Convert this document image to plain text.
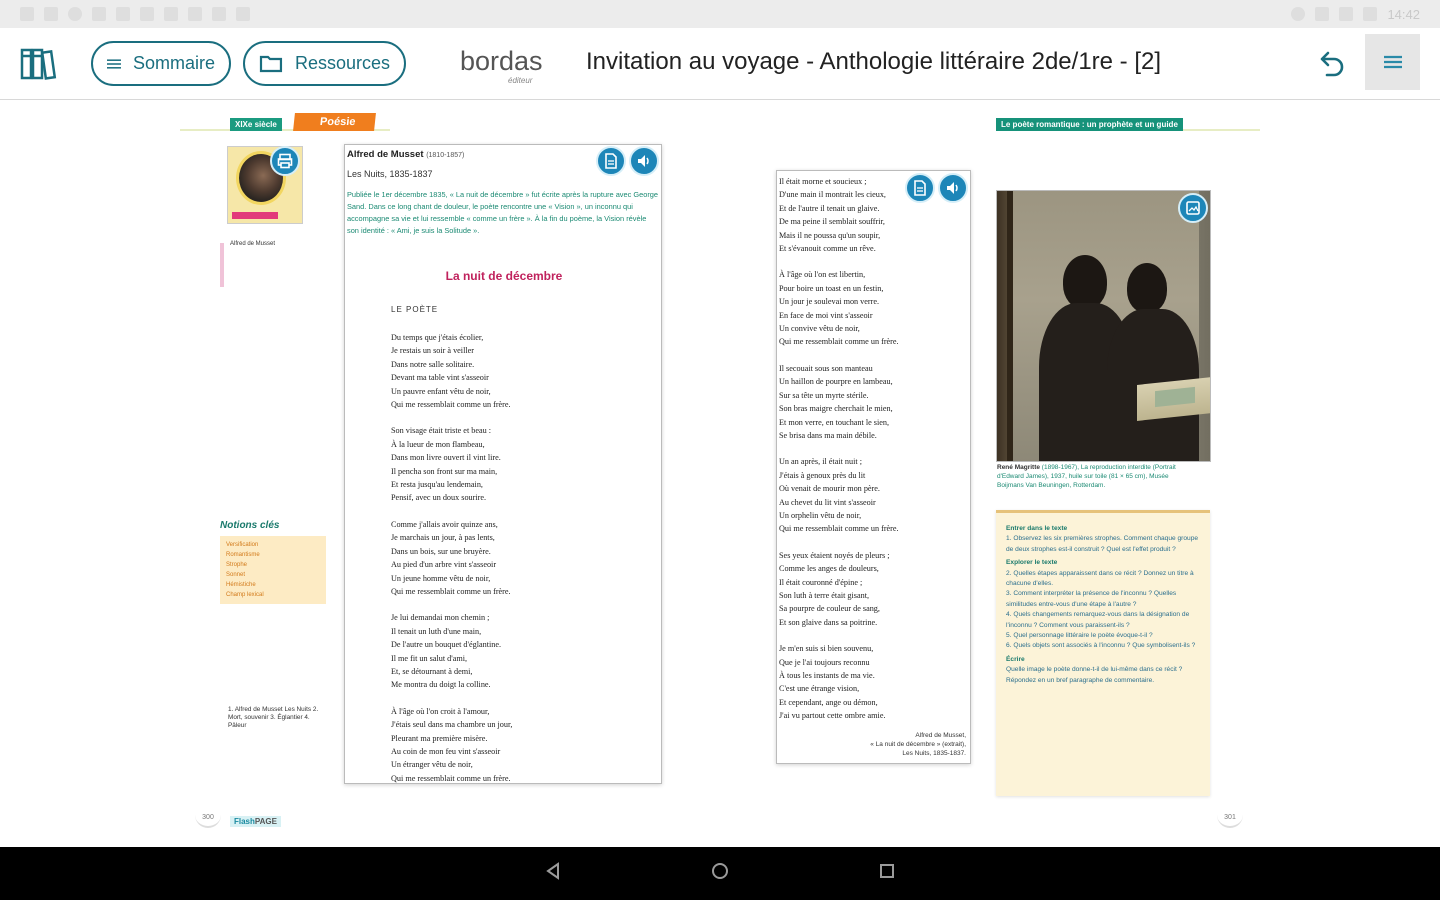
14:42
Sommaire	Ressources	bordas
éditeur
Invitation au voyage - Anthologie littéraire 2de/1re - [2]
XIXe siècle	Poésie	Le poète romantique : un prophète et un guide
Alfred de Musset
Notions clés
Versification
Romantisme
Strophe
Sonnet
Hémistiche
Champ lexical
1. Alfred de Musset Les Nuits 2. Mort, souvenir 3. Églantier 4. Pâleur
Alfred de Musset (1810-1857)
Les Nuits, 1835-1837
Publiée le 1er décembre 1835, « La nuit de décembre » fut écrite après la rupture avec George Sand. Dans ce long chant de douleur, le poète rencontre une « Vision », un inconnu qui accompagne sa vie et lui ressemble « comme un frère ». À la fin du poème, la Vision révèle son identité : « Ami, je suis la Solitude ».
La nuit de décembre
LE POÈTE
Du temps que j'étais écolier,
Je restais un soir à veiller
Dans notre salle solitaire.
Devant ma table vint s'asseoir
Un pauvre enfant vêtu de noir,
Qui me ressemblait comme un frère.
Son visage était triste et beau :
À la lueur de mon flambeau,
Dans mon livre ouvert il vint lire.
Il pencha son front sur ma main,
Et resta jusqu'au lendemain,
Pensif, avec un doux sourire.
Comme j'allais avoir quinze ans,
Je marchais un jour, à pas lents,
Dans un bois, sur une bruyère.
Au pied d'un arbre vint s'asseoir
Un jeune homme vêtu de noir,
Qui me ressemblait comme un frère.
Je lui demandai mon chemin ;
Il tenait un luth d'une main,
De l'autre un bouquet d'églantine.
Il me fit un salut d'ami,
Et, se détournant à demi,
Me montra du doigt la colline.
À l'âge où l'on croit à l'amour,
J'étais seul dans ma chambre un jour,
Pleurant ma première misère.
Au coin de mon feu vint s'asseoir
Un étranger vêtu de noir,
Qui me ressemblait comme un frère.
Il était morne et soucieux ;
D'une main il montrait les cieux,
Et de l'autre il tenait un glaive.
De ma peine il semblait souffrir,
Mais il ne poussa qu'un soupir,
Et s'évanouit comme un rêve.
À l'âge où l'on est libertin,
Pour boire un toast en un festin,
Un jour je soulevai mon verre.
En face de moi vint s'asseoir
Un convive vêtu de noir,
Qui me ressemblait comme un frère.
Il secouait sous son manteau
Un haillon de pourpre en lambeau,
Sur sa tête un myrte stérile.
Son bras maigre cherchait le mien,
Et mon verre, en touchant le sien,
Se brisa dans ma main débile.
Un an après, il était nuit ;
J'étais à genoux près du lit
Où venait de mourir mon père.
Au chevet du lit vint s'asseoir
Un orphelin vêtu de noir,
Qui me ressemblait comme un frère.
Ses yeux étaient noyés de pleurs ;
Comme les anges de douleurs,
Il était couronné d'épine ;
Son luth à terre était gisant,
Sa pourpre de couleur de sang,
Et son glaive dans sa poitrine.
Je m'en suis si bien souvenu,
Que je l'ai toujours reconnu
À tous les instants de ma vie.
C'est une étrange vision,
Et cependant, ange ou démon,
J'ai vu partout cette ombre amie.
Alfred de Musset,
« La nuit de décembre » (extrait),
Les Nuits, 1835-1837.
René Magritte (1898-1967), La reproduction interdite (Portrait d'Edward James), 1937, huile sur toile (81 × 65 cm), Musée Boijmans Van Beuningen, Rotterdam.
Entrer dans le texte
1. Observez les six premières strophes. Comment chaque groupe de deux strophes est-il construit ? Quel est l'effet produit ?
Explorer le texte
2. Quelles étapes apparaissent dans ce récit ? Donnez un titre à chacune d'elles.
3. Comment interpréter la présence de l'inconnu ? Quelles similitudes entre-vous d'une étape à l'autre ?
4. Quels changements remarquez-vous dans la désignation de l'inconnu ? Comment vous paraissent-ils ?
5. Quel personnage littéraire le poète évoque-t-il ?
6. Quels objets sont associés à l'inconnu ? Que symbolisent-ils ?
Écrire
Quelle image le poète donne-t-il de lui-même dans ce récit ? Répondez en un bref paragraphe de commentaire.
300	FlashPAGE	301
